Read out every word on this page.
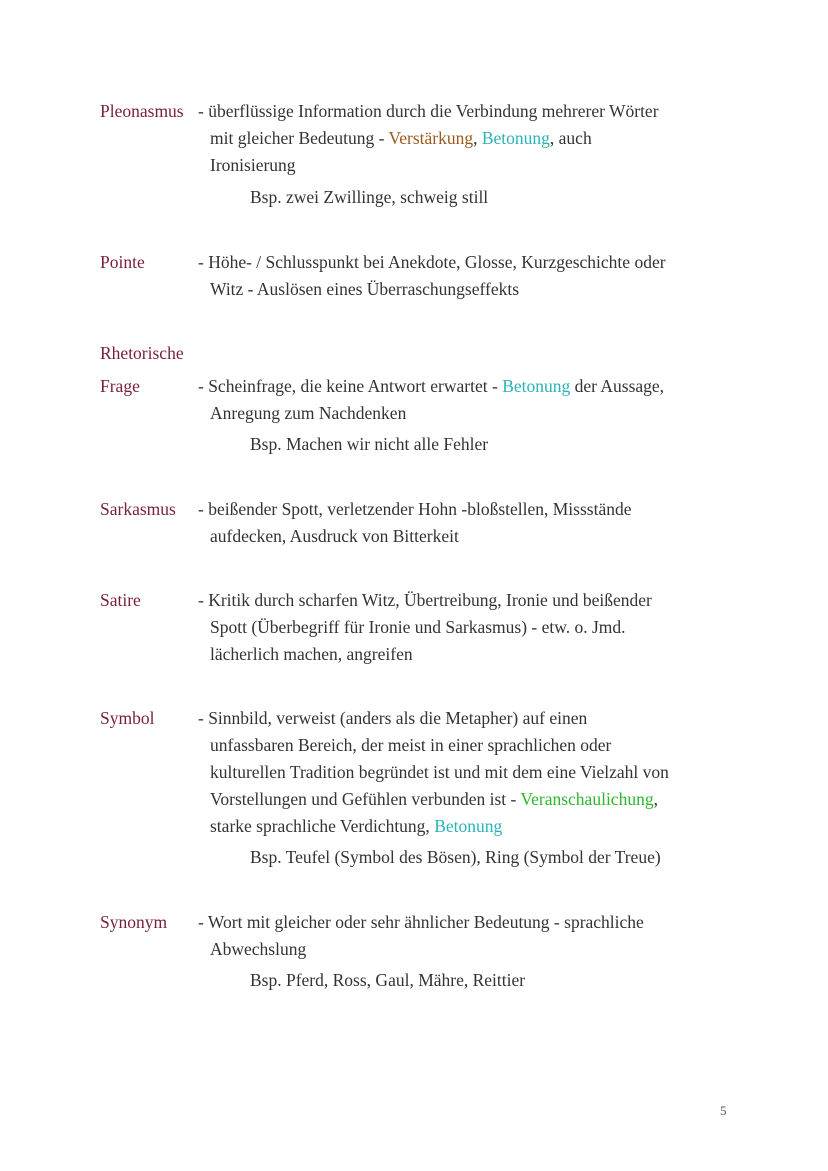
Pleonasmus - überflüssige Information durch die Verbindung mehrerer Wörter
mit gleicher Bedeutung - Verstärkung, Betonung, auch
Ironisierung
Bsp. zwei Zwillinge, schweig still
Pointe	- Höhe- / Schlusspunkt bei Anekdote, Glosse, Kurzgeschichte oder
Witz - Auslösen eines Überraschungseffekts
Rhetorische
Frage	- Scheinfrage, die keine Antwort erwartet - Betonung der Aussage,
Anregung zum Nachdenken
Bsp. Machen wir nicht alle Fehler
Sarkasmus - beißender Spott, verletzender Hohn -bloßstellen, Missstände
aufdecken, Ausdruck von Bitterkeit
Satire	- Kritik durch scharfen Witz, Übertreibung, Ironie und beißender
Spott (Überbegriff für Ironie und Sarkasmus) - etw. o. Jmd.
lächerlich machen, angreifen
Symbol - Sinnbild, verweist (anders als die Metapher) auf einen
unfassbaren Bereich, der meist in einer sprachlichen oder
kulturellen Tradition begründet ist und mit dem eine Vielzahl von
Vorstellungen und Gefühlen verbunden ist - Veranschaulichung,
starke sprachliche Verdichtung, Betonung
Bsp. Teufel (Symbol des Bösen), Ring (Symbol der Treue)
Synonym - Wort mit gleicher oder sehr ähnlicher Bedeutung - sprachliche
Abwechslung
Bsp. Pferd, Ross, Gaul, Mähre, Reittier
5
